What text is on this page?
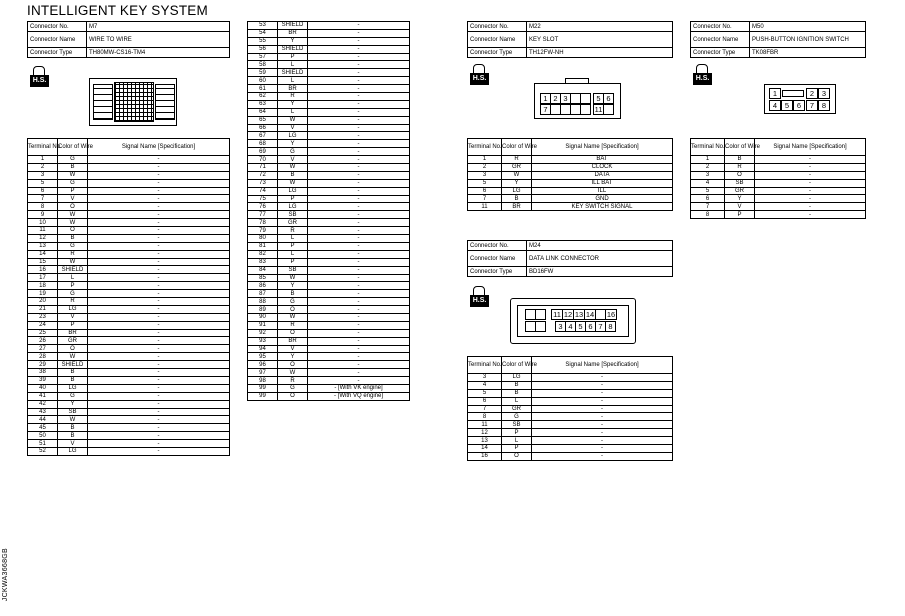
INTELLIGENT KEY SYSTEM
Connector No.	M7
Connector Name	WIRE TO WIRE
Connector Type	TH80MW-CS16-TM4
H.S.
Terminal No.	Color of Wire	Signal Name [Specification]
1	G	-
2	B	-
3	W	-
5	G	-
6	P	-
7	V	-
8	O	-
9	W	-
10	W	-
11	O	-
12	B	-
13	G	-
14	R	-
15	W	-
16	SHIELD	-
17	L	-
18	P	-
19	G	-
20	R	-
21	LG	-
23	V	-
24	P	-
25	BR	-
26	GR	-
27	O	-
28	W	-
29	SHIELD	-
38	B	-
39	B	-
40	LG	-
41	G	-
42	Y	-
43	SB	-
44	W	-
45	B	-
50	B	-
51	V	-
52	LG	-
53	SHIELD	-
54	BR	-
55	Y	-
56	SHIELD	-
57	P	-
58	L	-
59	SHIELD	-
60	L	-
61	BR	-
62	R	-
63	Y	-
64	L	-
65	W	-
66	V	-
67	LG	-
68	Y	-
69	G	-
70	V	-
71	W	-
72	B	-
73	W	-
74	LG	-
75	P	-
76	LG	-
77	SB	-
78	GR	-
79	R	-
80	L	-
81	P	-
82	L	-
83	P	-
84	SB	-
85	W	-
86	Y	-
87	B	-
88	G	-
89	O	-
90	W	-
91	R	-
92	O	-
93	BR	-
94	V	-
95	Y	-
96	O	-
97	W	-
98	R	-
99	G	- [With VK engine]
99	O	- [With VQ engine]
Connector No.	M22
Connector Name	KEY SLOT
Connector Type	TH12FW-NH
H.S.
1 2 3	5 6
7	11
Terminal No.	Color of Wire	Signal Name [Specification]
1	R	BAT
2	GR	CLOCK
3	W	DATA
5	Y	ILL BAT
6	LG	ILL
7	B	GND
11	BR	KEY SWITCH SIGNAL
Connector No.	M24
Connector Name	DATA LINK CONNECTOR
Connector Type	BD16FW
H.S.
11 12 13 14 16
3 4 5 6 7 8
Terminal No.	Color of Wire	Signal Name [Specification]
3	LG	-
4	B	-
5	B	-
6	L	-
7	GR	-
8	G	-
11	SB	-
12	P	-
13	L	-
14	P	-
16	O	-
Connector No.	M50
Connector Name	PUSH-BUTTON IGNITION SWITCH
Connector Type	TK08FBR
H.S.
1	2	3
4	5	6	7	8
Terminal No.	Color of Wire	Signal Name [Specification]
1	B	-
2	R	-
3	O	-
4	SB	-
5	GR	-
6	Y	-
7	V	-
8	P	-
JCKWA3668GB
